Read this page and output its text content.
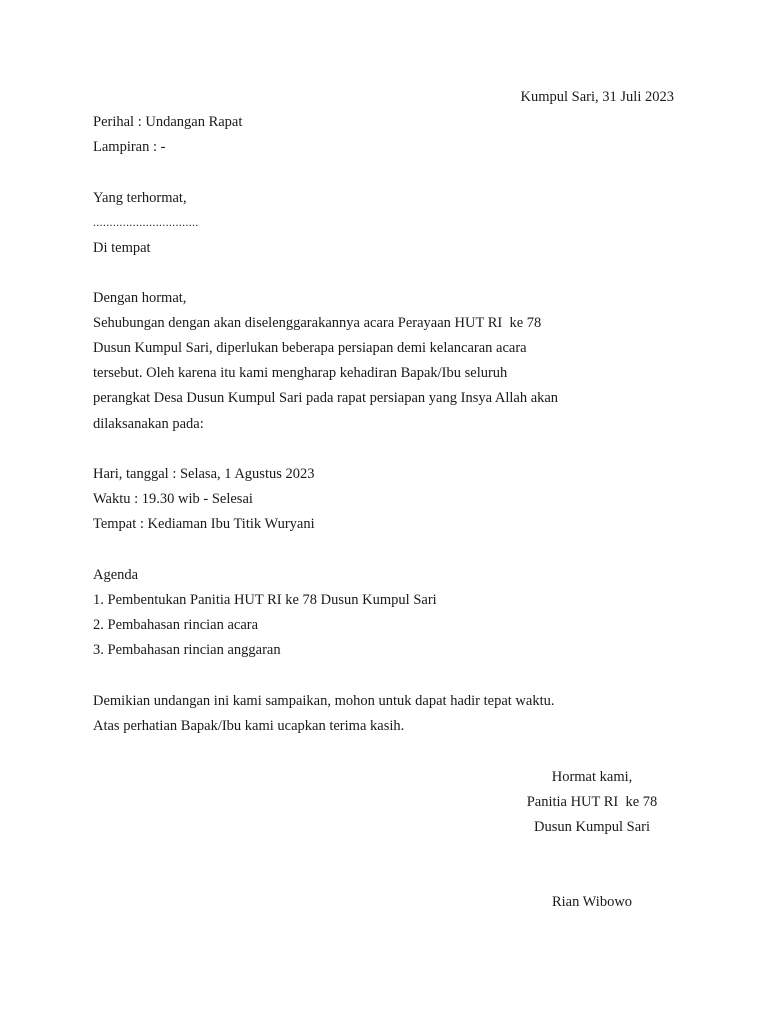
Kumpul Sari, 31 Juli 2023
Perihal : Undangan Rapat
Lampiran : -
Yang terhormat,
................................
Di tempat
Dengan hormat,
Sehubungan dengan akan diselenggarakannya acara Perayaan HUT RI  ke 78
Dusun Kumpul Sari, diperlukan beberapa persiapan demi kelancaran acara
tersebut. Oleh karena itu kami mengharap kehadiran Bapak/Ibu seluruh
perangkat Desa Dusun Kumpul Sari pada rapat persiapan yang Insya Allah akan
dilaksanakan pada:
Hari, tanggal : Selasa, 1 Agustus 2023
Waktu : 19.30 wib - Selesai
Tempat : Kediaman Ibu Titik Wuryani
Agenda
1. Pembentukan Panitia HUT RI ke 78 Dusun Kumpul Sari
2. Pembahasan rincian acara
3. Pembahasan rincian anggaran
Demikian undangan ini kami sampaikan, mohon untuk dapat hadir tepat waktu.
Atas perhatian Bapak/Ibu kami ucapkan terima kasih.
Hormat kami,
Panitia HUT RI  ke 78
Dusun Kumpul Sari
Rian Wibowo
